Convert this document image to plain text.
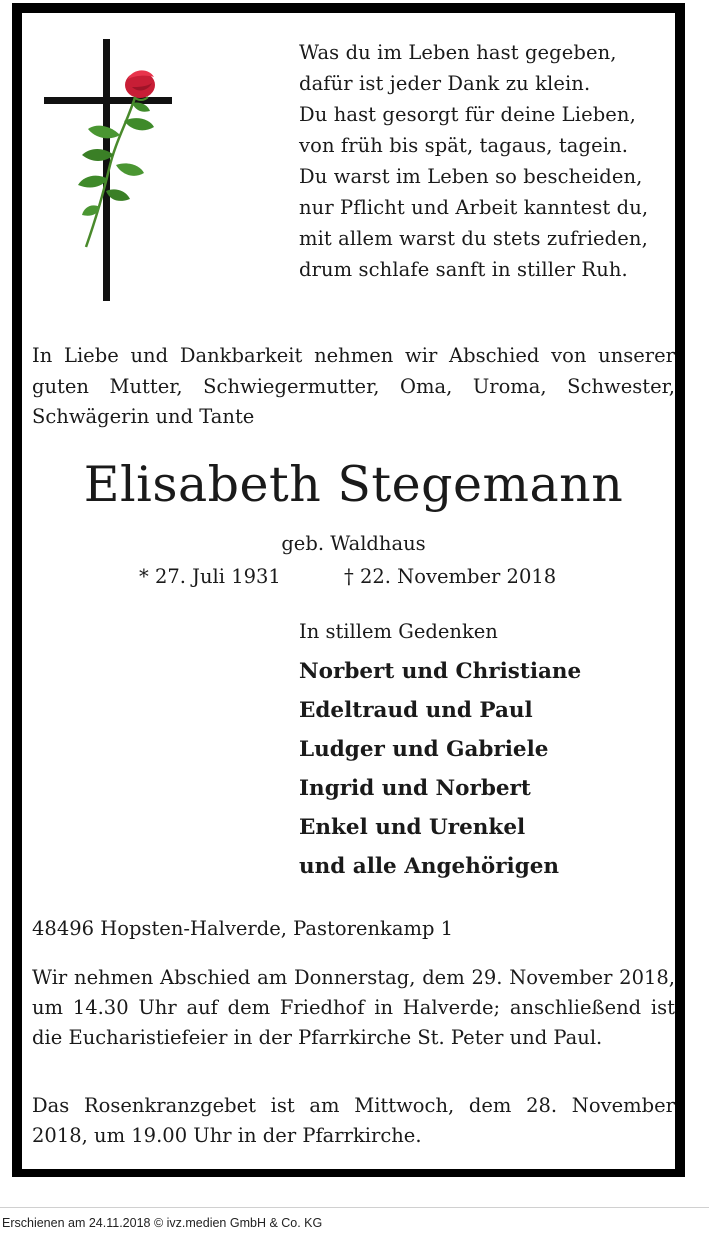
Was du im Leben hast gegeben,
dafür ist jeder Dank zu klein.
Du hast gesorgt für deine Lieben,
von früh bis spät, tagaus, tagein.
Du warst im Leben so bescheiden,
nur Pflicht und Arbeit kanntest du,
mit allem warst du stets zufrieden,
drum schlafe sanft in stiller Ruh.
In Liebe und Dankbarkeit nehmen wir Abschied von unserer guten Mutter, Schwiegermutter, Oma, Uroma, Schwester, Schwägerin und Tante
Elisabeth Stegemann
geb. Waldhaus
* 27. Juli 1931	† 22. November 2018
In stillem Gedenken
Norbert und Christiane
Edeltraud und Paul
Ludger und Gabriele
Ingrid und Norbert
Enkel und Urenkel
und alle Angehörigen
48496 Hopsten-Halverde, Pastorenkamp 1
Wir nehmen Abschied am Donnerstag, dem 29. November 2018, um 14.30 Uhr auf dem Friedhof in Halverde; anschließend ist die Eucharistiefeier in der Pfarrkirche St. Peter und Paul.
Das Rosenkranzgebet ist am Mittwoch, dem 28. November 2018, um 19.00 Uhr in der Pfarrkirche.
Erschienen am 24.11.2018 © ivz.medien GmbH & Co. KG
